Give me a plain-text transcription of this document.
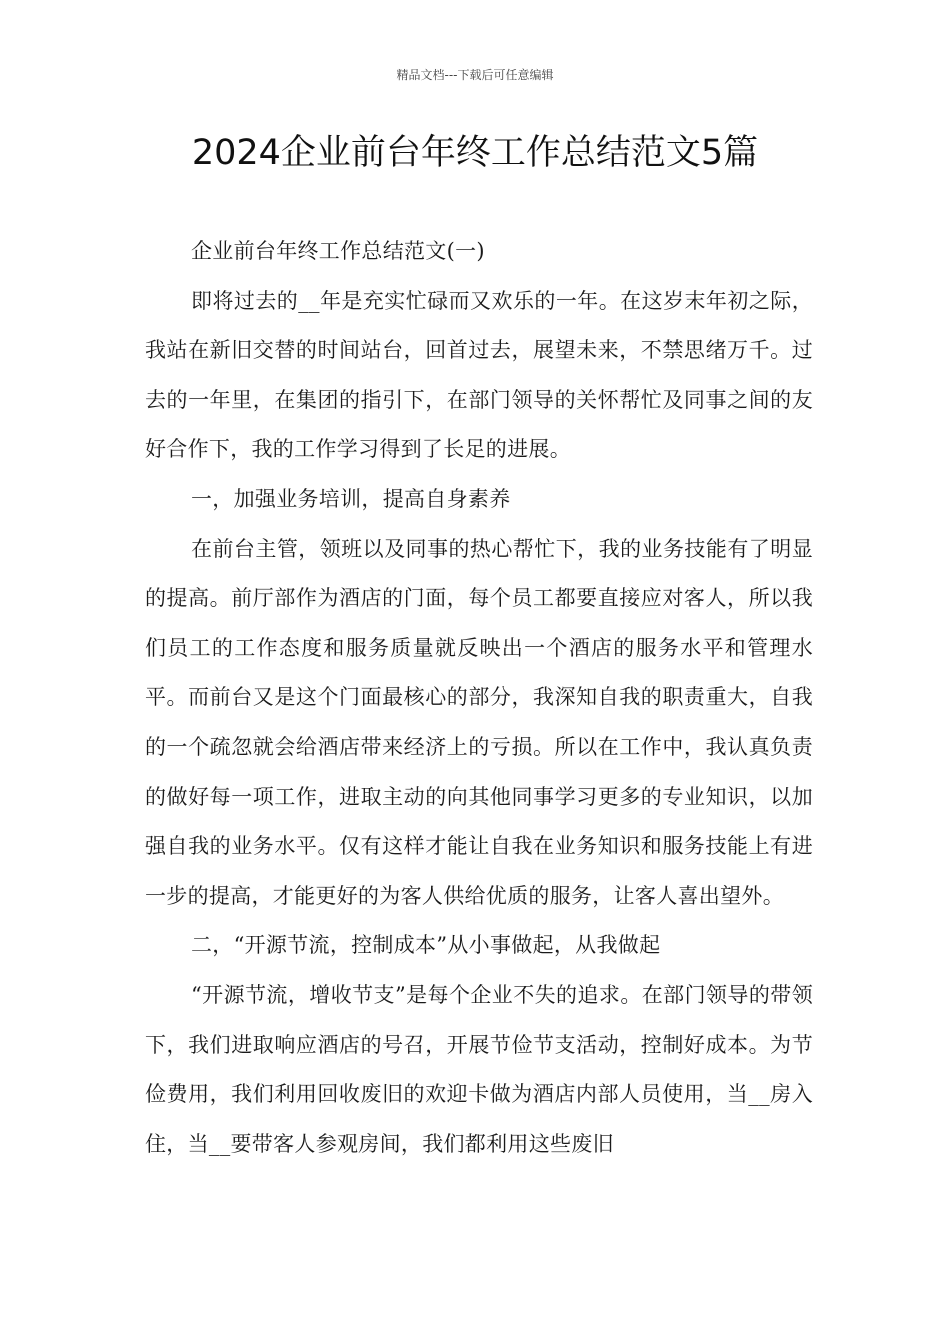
精品文档---下载后可任意编辑
2024企业前台年终工作总结范文5篇

企业前台年终工作总结范文(一)

即将过去的__年是充实忙碌而又欢乐的一年。在这岁末年初之际，我站在新旧交替的时间站台，回首过去，展望未来，不禁思绪万千。过去的一年里，在集团的指引下，在部门领导的关怀帮忙及同事之间的友好合作下，我的工作学习得到了长足的进展。

一，加强业务培训，提高自身素养

在前台主管，领班以及同事的热心帮忙下，我的业务技能有了明显的提高。前厅部作为酒店的门面，每个员工都要直接应对客人，所以我们员工的工作态度和服务质量就反映出一个酒店的服务水平和管理水平。而前台又是这个门面最核心的部分，我深知自我的职责重大，自我的一个疏忽就会给酒店带来经济上的亏损。所以在工作中，我认真负责的做好每一项工作，进取主动的向其他同事学习更多的专业知识，以加强自我的业务水平。仅有这样才能让自我在业务知识和服务技能上有进一步的提高，才能更好的为客人供给优质的服务，让客人喜出望外。

二，“开源节流，控制成本”从小事做起，从我做起

“开源节流，增收节支”是每个企业不失的追求。在部门领导的带领下，我们进取响应酒店的号召，开展节俭节支活动，控制好成本。为节俭费用，我们利用回收废旧的欢迎卡做为酒店内部人员使用，当__房入住，当__要带客人参观房间，我们都利用这些废旧
